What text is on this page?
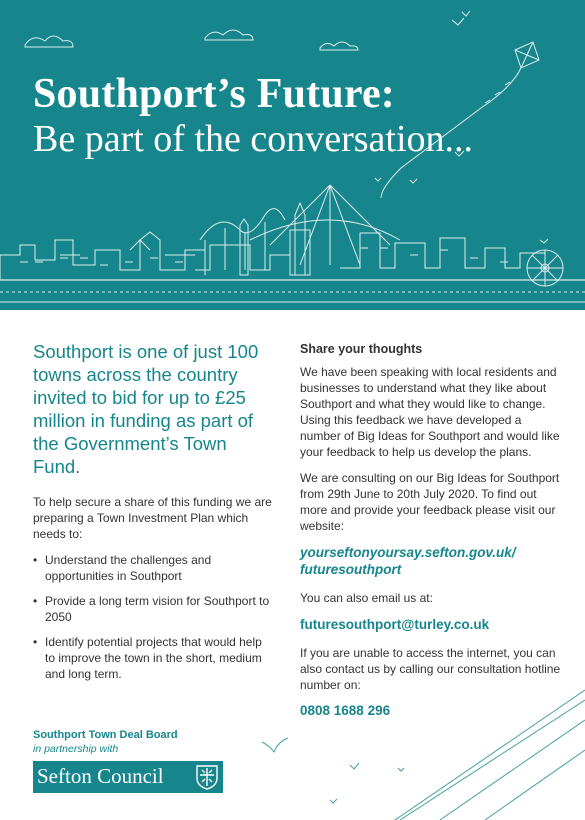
Southport’s Future:
Be part of the conversation...

Southport is one of just 100 towns across the country invited to bid for up to £25 million in funding as part of the Government’s Town Fund.

To help secure a share of this funding we are preparing a Town Investment Plan which needs to:

• Understand the challenges and opportunities in Southport
• Provide a long term vision for Southport to 2050
• Identify potential projects that would help to improve the town in the short, medium and long term.

Share your thoughts

We have been speaking with local residents and businesses to understand what they like about Southport and what they would like to change. Using this feedback we have developed a number of Big Ideas for Southport and would like your feedback to help us develop the plans.

We are consulting on our Big Ideas for Southport from 29th June to 20th July 2020. To find out more and provide your feedback please visit our website:

yourseftonyoursay.sefton.gov.uk/
futuresouthport

You can also email us at:

futuresouthport@turley.co.uk

If you are unable to access the internet, you can also contact us by calling our consultation hotline number on:

0808 1688 296

Southport Town Deal Board
in partnership with
Sefton Council
